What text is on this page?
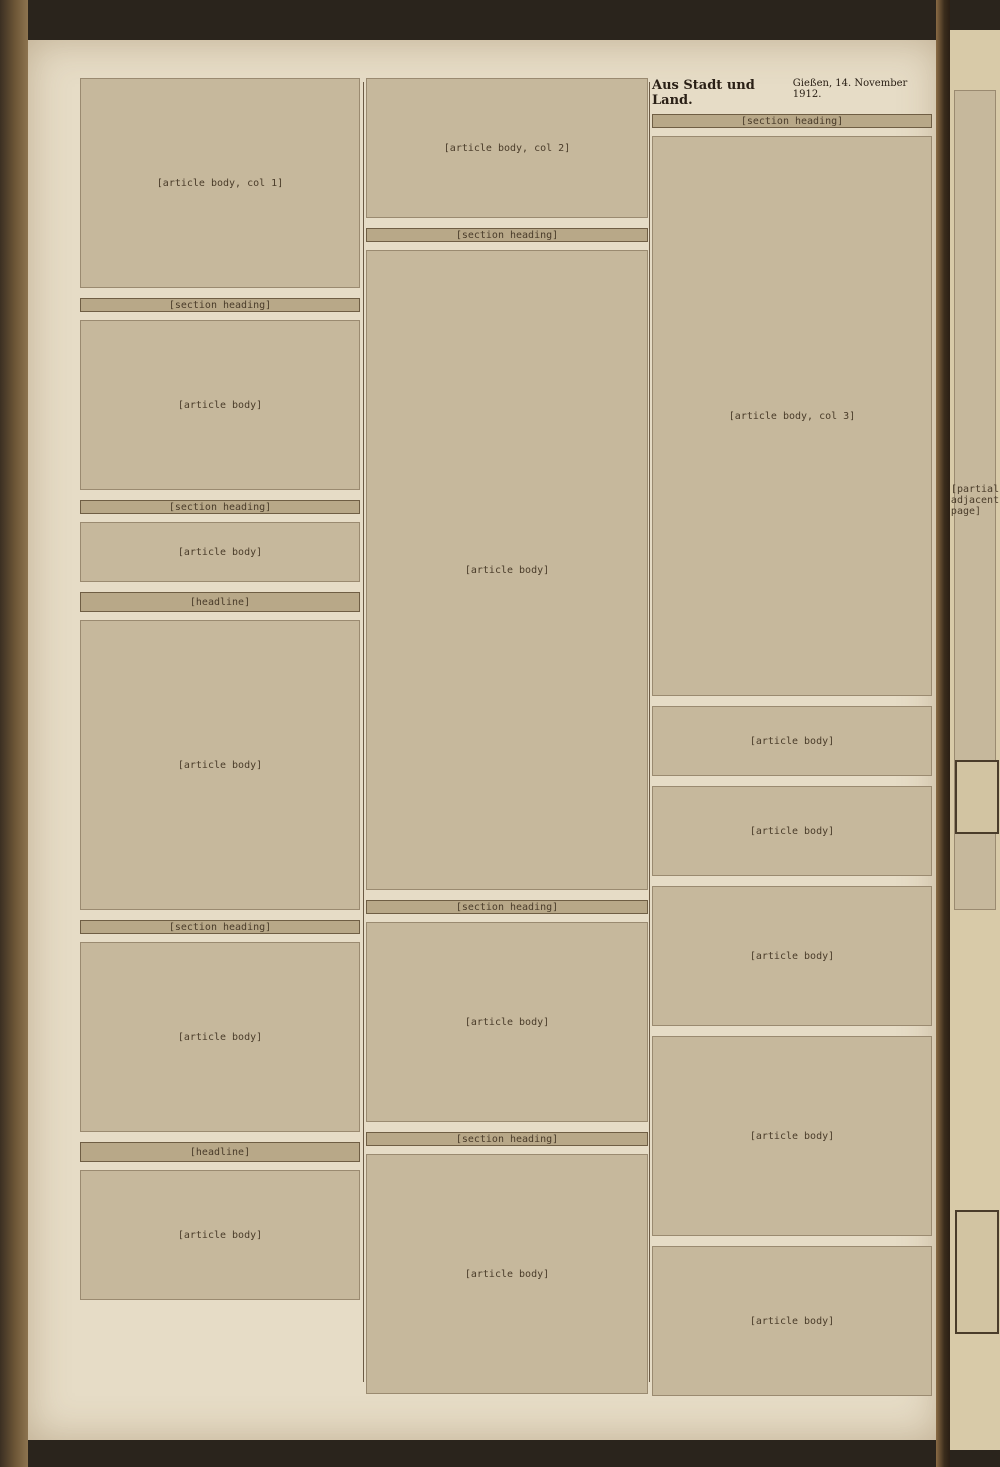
[partial adjacent page]
[article body, col 1]
[section heading]
[article body]
[section heading]
[article body]
[headline]
[article body]
[section heading]
[article body]
[headline]
[article body]
[article body, col 2]
[section heading]
[article body]
[section heading]
[article body]
[section heading]
[article body]
Aus Stadt und Land.
Gießen, 14. November 1912.
[section heading]
[article body, col 3]
[article body]
[article body]
[article body]
[article body]
[article body]
